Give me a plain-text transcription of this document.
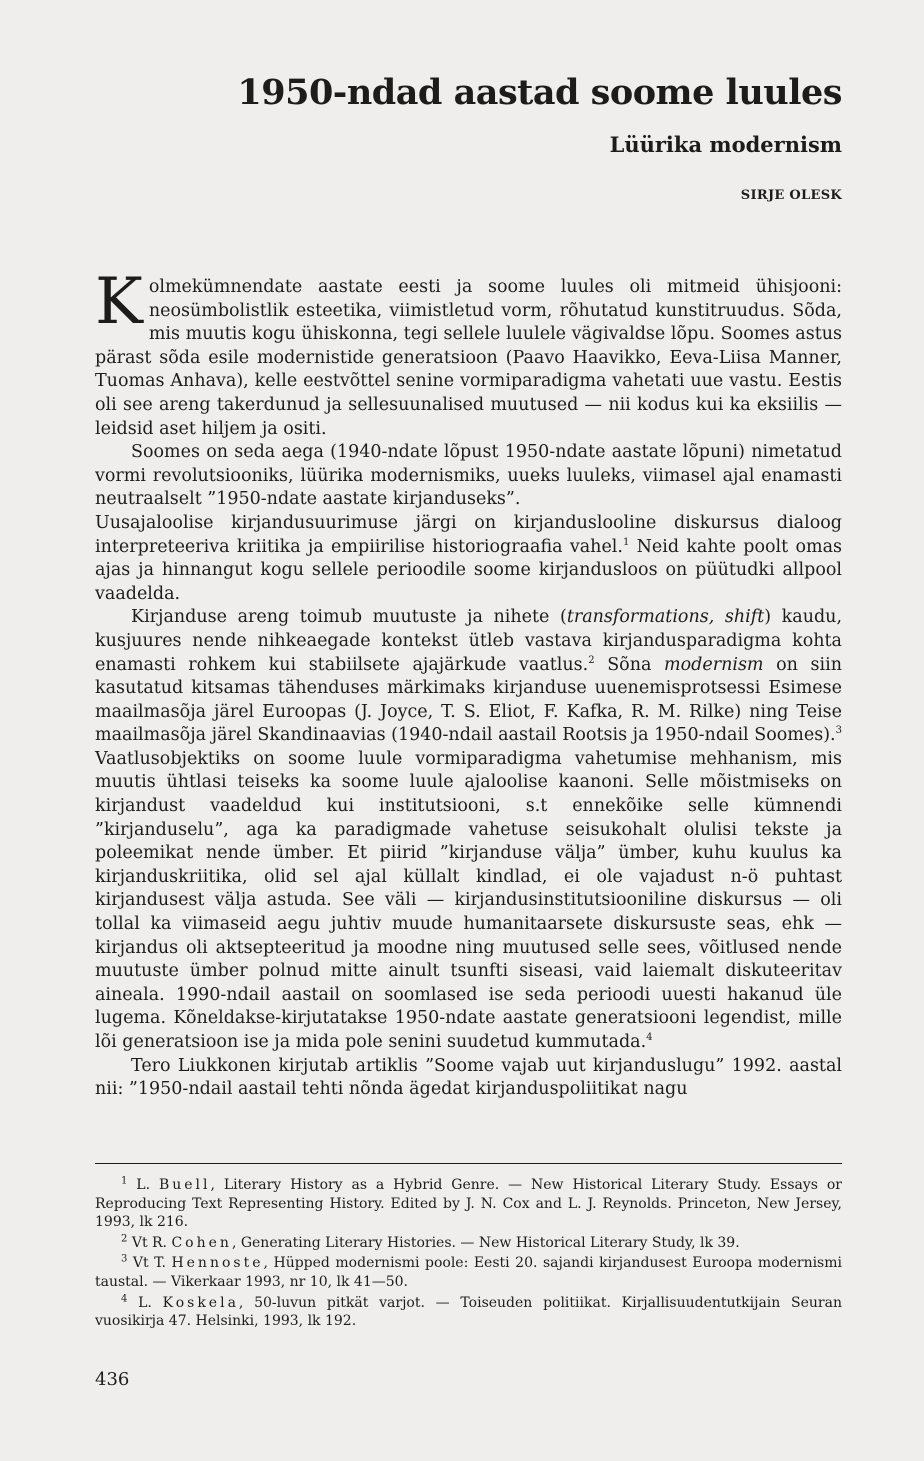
1950-ndad aastad soome luules
Lüürika modernism
SIRJE OLESK

Kolmekümnendate aastate eesti ja soome luules oli mitmeid ühisjooni: neosümbolistlik esteetika, viimistletud vorm, rõhutatud kunstitruudus. Sõda, mis muutis kogu ühiskonna, tegi sellele luulele vägivaldse lõpu. Soomes astus pärast sõda esile modernistide generatsioon (Paavo Haavikko, Eeva-Liisa Manner, Tuomas Anhava), kelle eestvõttel senine vormiparadigma vahetati uue vastu. Eestis oli see areng takerdunud ja sellesuunalised muutused — nii kodus kui ka eksiilis — leidsid aset hiljem ja ositi.

Soomes on seda aega (1940-ndate lõpust 1950-ndate aastate lõpuni) nimetatud vormi revolutsiooniks, lüürika modernismiks, uueks luuleks, viimasel ajal enamasti neutraalselt ”1950-ndate aastate kirjanduseks”.

Uusajaloolise kirjandusuurimuse järgi on kirjanduslooline diskursus dialoog interpreteeriva kriitika ja empiirilise historiograafia vahel.$^1$ Neid kahte poolt omas ajas ja hinnangut kogu sellele perioodile soome kirjandusloos on püütudki allpool vaadelda.

Kirjanduse areng toimub muutuste ja nihete (transformations, shift) kaudu, kusjuures nende nihkeaegade kontekst ütleb vastava kirjandusparadigma kohta enamasti rohkem kui stabiilsete ajajärkude vaatlus.$^2$ Sõna modernism on siin kasutatud kitsamas tähenduses märkimaks kirjanduse uuenemisprotsessi Esimese maailmasõja järel Euroopas (J. Joyce, T. S. Eliot, F. Kafka, R. M. Rilke) ning Teise maailmasõja järel Skandinaavias (1940-ndail aastail Rootsis ja 1950-ndail Soomes).$^3$ Vaatlusobjektiks on soome luule vormiparadigma vahetumise mehhanism, mis muutis ühtlasi teiseks ka soome luule ajaloolise kaanoni. Selle mõistmiseks on kirjandust vaadeldud kui institutsiooni, s.t ennekõike selle kümnendi ”kirjanduselu”, aga ka paradigmade vahetuse seisukohalt olulisi tekste ja poleemikat nende ümber. Et piirid ”kirjanduse välja” ümber, kuhu kuulus ka kirjanduskriitika, olid sel ajal küllalt kindlad, ei ole vajadust n-ö puhtast kirjandusest välja astuda. See väli — kirjandusinstitutsiooniline diskursus — oli tollal ka viimaseid aegu juhtiv muude humanitaarsete diskursuste seas, ehk — kirjandus oli aktsepteeritud ja moodne ning muutused selle sees, võitlused nende muutuste ümber polnud mitte ainult tsunfti siseasi, vaid laiemalt diskuteeritav aineala. 1990-ndail aastail on soomlased ise seda perioodi uuesti hakanud üle lugema. Kõneldakse-kirjutatakse 1950-ndate aastate generatsiooni legendist, mille lõi generatsioon ise ja mida pole senini suudetud kummutada.$^4$

Tero Liukkonen kirjutab artiklis ”Soome vajab uut kirjanduslugu” 1992. aastal nii: ”1950-ndail aastail tehti nõnda ägedat kirjanduspoliitikat nagu

$^1$ L. Buell, Literary History as a Hybrid Genre. — New Historical Literary Study. Essays or Reproducing Text Representing History. Edited by J. N. Cox and L. J. Reynolds. Princeton, New Jersey, 1993, lk 216.

$^2$ Vt R. Cohen, Generating Literary Histories. — New Historical Literary Study, lk 39.

$^3$ Vt T. Hennoste, Hüpped modernismi poole: Eesti 20. sajandi kirjandusest Euroopa modernismi taustal. — Vikerkaar 1993, nr 10, lk 41—50.

$^4$ L. Koskela, 50-luvun pitkät varjot. — Toiseuden politiikat. Kirjallisuudentutkijain Seuran vuosikirja 47. Helsinki, 1993, lk 192.

436
